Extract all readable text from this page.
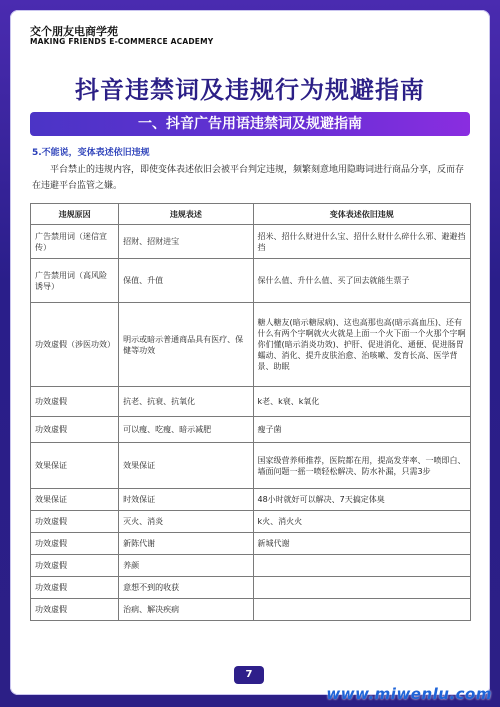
交个朋友电商学苑
MAKING FRIENDS E-COMMERCE ACADEMY
抖音违禁词及违规行为规避指南
一、抖音广告用语违禁词及规避指南
5.不能说，变体表述依旧违规
平台禁止的违规内容，即使变体表述依旧会被平台判定违规，频繁刻意地用隐晦词进行商品分享，反而存在违避平台监管之嫌。
违规原因	违规表述	变体表述依旧违规
广告禁用词（迷信宣传）	招财、招财进宝	招米、招什么财进什么宝、招什么财什么碎什么邪、避避挡挡
广告禁用词（高风险诱导）	保值、升值	保什么值、升什么值、买了回去就能生票子
功效虚假（涉医功效）	明示或暗示普通商品具有医疗、保健等功效	糖人糖友(暗示糖尿病)、这也高那也高(暗示高血压)、还有什么有两个字啊就火火就是上面一个火下面一个火那个字啊你们懂(暗示消炎功效)、护肝、促进消化、通便、促进肠胃蠕动、消化、提升皮肤治愈、治咳嗽、发育长高、医学背景、助眠
功效虚假	抗老、抗衰、抗氧化	k老、k衰、k氧化
功效虚假	可以瘦、吃瘦、暗示减肥	瘦子菌
效果保证	效果保证	国家级营养师推荐，医院都在用，提高发芽率、一喷即白、墙面问题一摇一喷轻松解决、防水补漏，只需3步
效果保证	时效保证	48小时就好可以解决、7天搞定体臭
功效虚假	灭火、消炎	k火、消火火
功效虚假	新陈代谢	新城代谢
功效虚假	养颜	
功效虚假	意想不到的收获	
功效虚假	治病、解决疾病	
7
www.miwenlu.com
